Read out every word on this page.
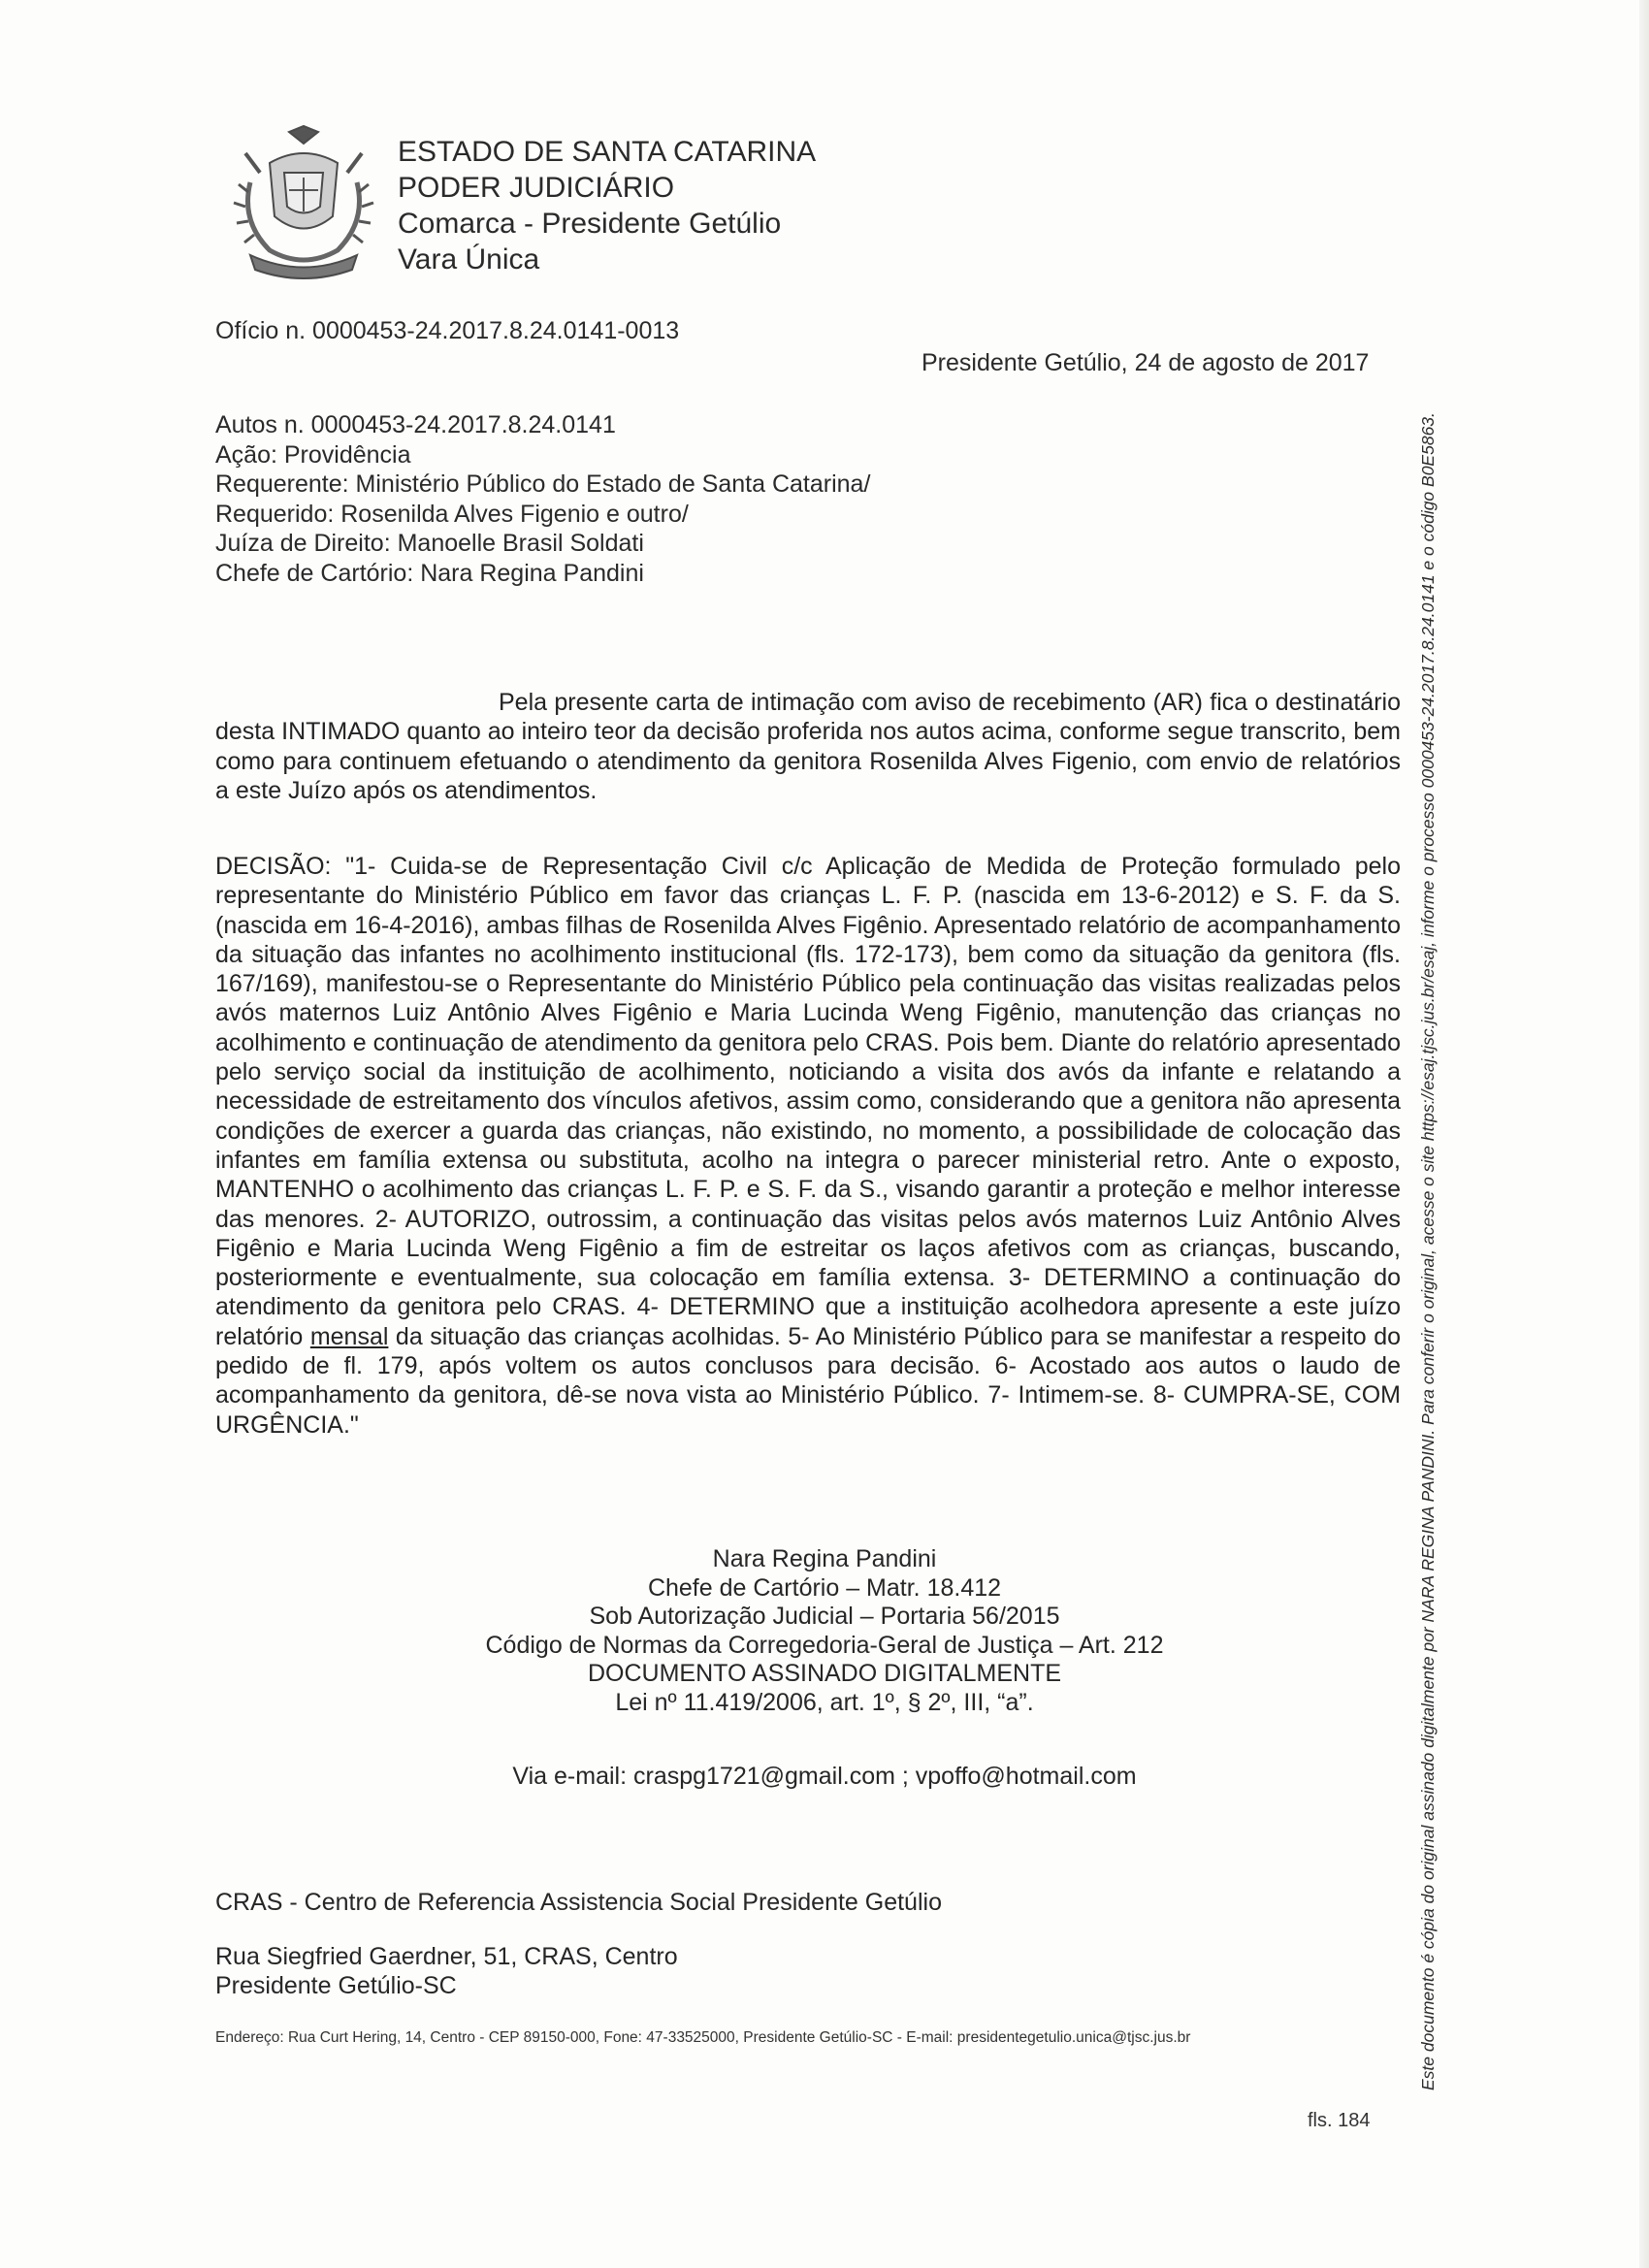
ESTADO DE SANTA CATARINA
PODER JUDICIÁRIO
Comarca - Presidente Getúlio
Vara Única
Ofício n. 0000453-24.2017.8.24.0141-0013
Presidente Getúlio, 24 de agosto de 2017
Autos n. 0000453-24.2017.8.24.0141
Ação: Providência
Requerente: Ministério Público do Estado de Santa Catarina/
Requerido: Rosenilda Alves Figenio e outro/
Juíza de Direito: Manoelle Brasil Soldati
Chefe de Cartório: Nara Regina Pandini
Pela presente carta de intimação com aviso de recebimento (AR) fica o destinatário desta INTIMADO quanto ao inteiro teor da decisão proferida nos autos acima, conforme segue transcrito, bem como para continuem efetuando o atendimento da genitora Rosenilda Alves Figenio, com envio de relatórios a este Juízo após os atendimentos.
DECISÃO: "1- Cuida-se de Representação Civil c/c Aplicação de Medida de Proteção formulado pelo representante do Ministério Público em favor das crianças L. F. P. (nascida em 13-6-2012) e S. F. da S. (nascida em 16-4-2016), ambas filhas de Rosenilda Alves Figênio. Apresentado relatório de acompanhamento da situação das infantes no acolhimento institucional (fls. 172-173), bem como da situação da genitora (fls. 167/169), manifestou-se o Representante do Ministério Público pela continuação das visitas realizadas pelos avós maternos Luiz Antônio Alves Figênio e Maria Lucinda Weng Figênio, manutenção das crianças no acolhimento e continuação de atendimento da genitora pelo CRAS. Pois bem. Diante do relatório apresentado pelo serviço social da instituição de acolhimento, noticiando a visita dos avós da infante e relatando a necessidade de estreitamento dos vínculos afetivos, assim como, considerando que a genitora não apresenta condições de exercer a guarda das crianças, não existindo, no momento, a possibilidade de colocação das infantes em família extensa ou substituta, acolho na integra o parecer ministerial retro. Ante o exposto, MANTENHO o acolhimento das crianças L. F. P. e S. F. da S., visando garantir a proteção e melhor interesse das menores. 2- AUTORIZO, outrossim, a continuação das visitas pelos avós maternos Luiz Antônio Alves Figênio e Maria Lucinda Weng Figênio a fim de estreitar os laços afetivos com as crianças, buscando, posteriormente e eventualmente, sua colocação em família extensa. 3- DETERMINO a continuação do atendimento da genitora pelo CRAS. 4- DETERMINO que a instituição acolhedora apresente a este juízo relatório mensal da situação das crianças acolhidas. 5- Ao Ministério Público para se manifestar a respeito do pedido de fl. 179, após voltem os autos conclusos para decisão. 6- Acostado aos autos o laudo de acompanhamento da genitora, dê-se nova vista ao Ministério Público. 7- Intimem-se. 8- CUMPRA-SE, COM URGÊNCIA."
Nara Regina Pandini
Chefe de Cartório – Matr. 18.412
Sob Autorização Judicial – Portaria 56/2015
Código de Normas da Corregedoria-Geral de Justiça – Art. 212
DOCUMENTO ASSINADO DIGITALMENTE
Lei nº 11.419/2006, art. 1º, § 2º, III, “a”.
Via e-mail: craspg1721@gmail.com ; vpoffo@hotmail.com
CRAS - Centro de Referencia Assistencia Social Presidente Getúlio
Rua Siegfried Gaerdner, 51, CRAS, Centro
Presidente Getúlio-SC
Endereço: Rua Curt Hering, 14, Centro - CEP 89150-000, Fone: 47-33525000, Presidente Getúlio-SC - E-mail: presidentegetulio.unica@tjsc.jus.br
fls. 184
Este documento é cópia do original assinado digitalmente por NARA REGINA PANDINI. Para conferir o original, acesse o site https://esaj.tjsc.jus.br/esaj, informe o processo 0000453-24.2017.8.24.0141 e o código B0E5863.
